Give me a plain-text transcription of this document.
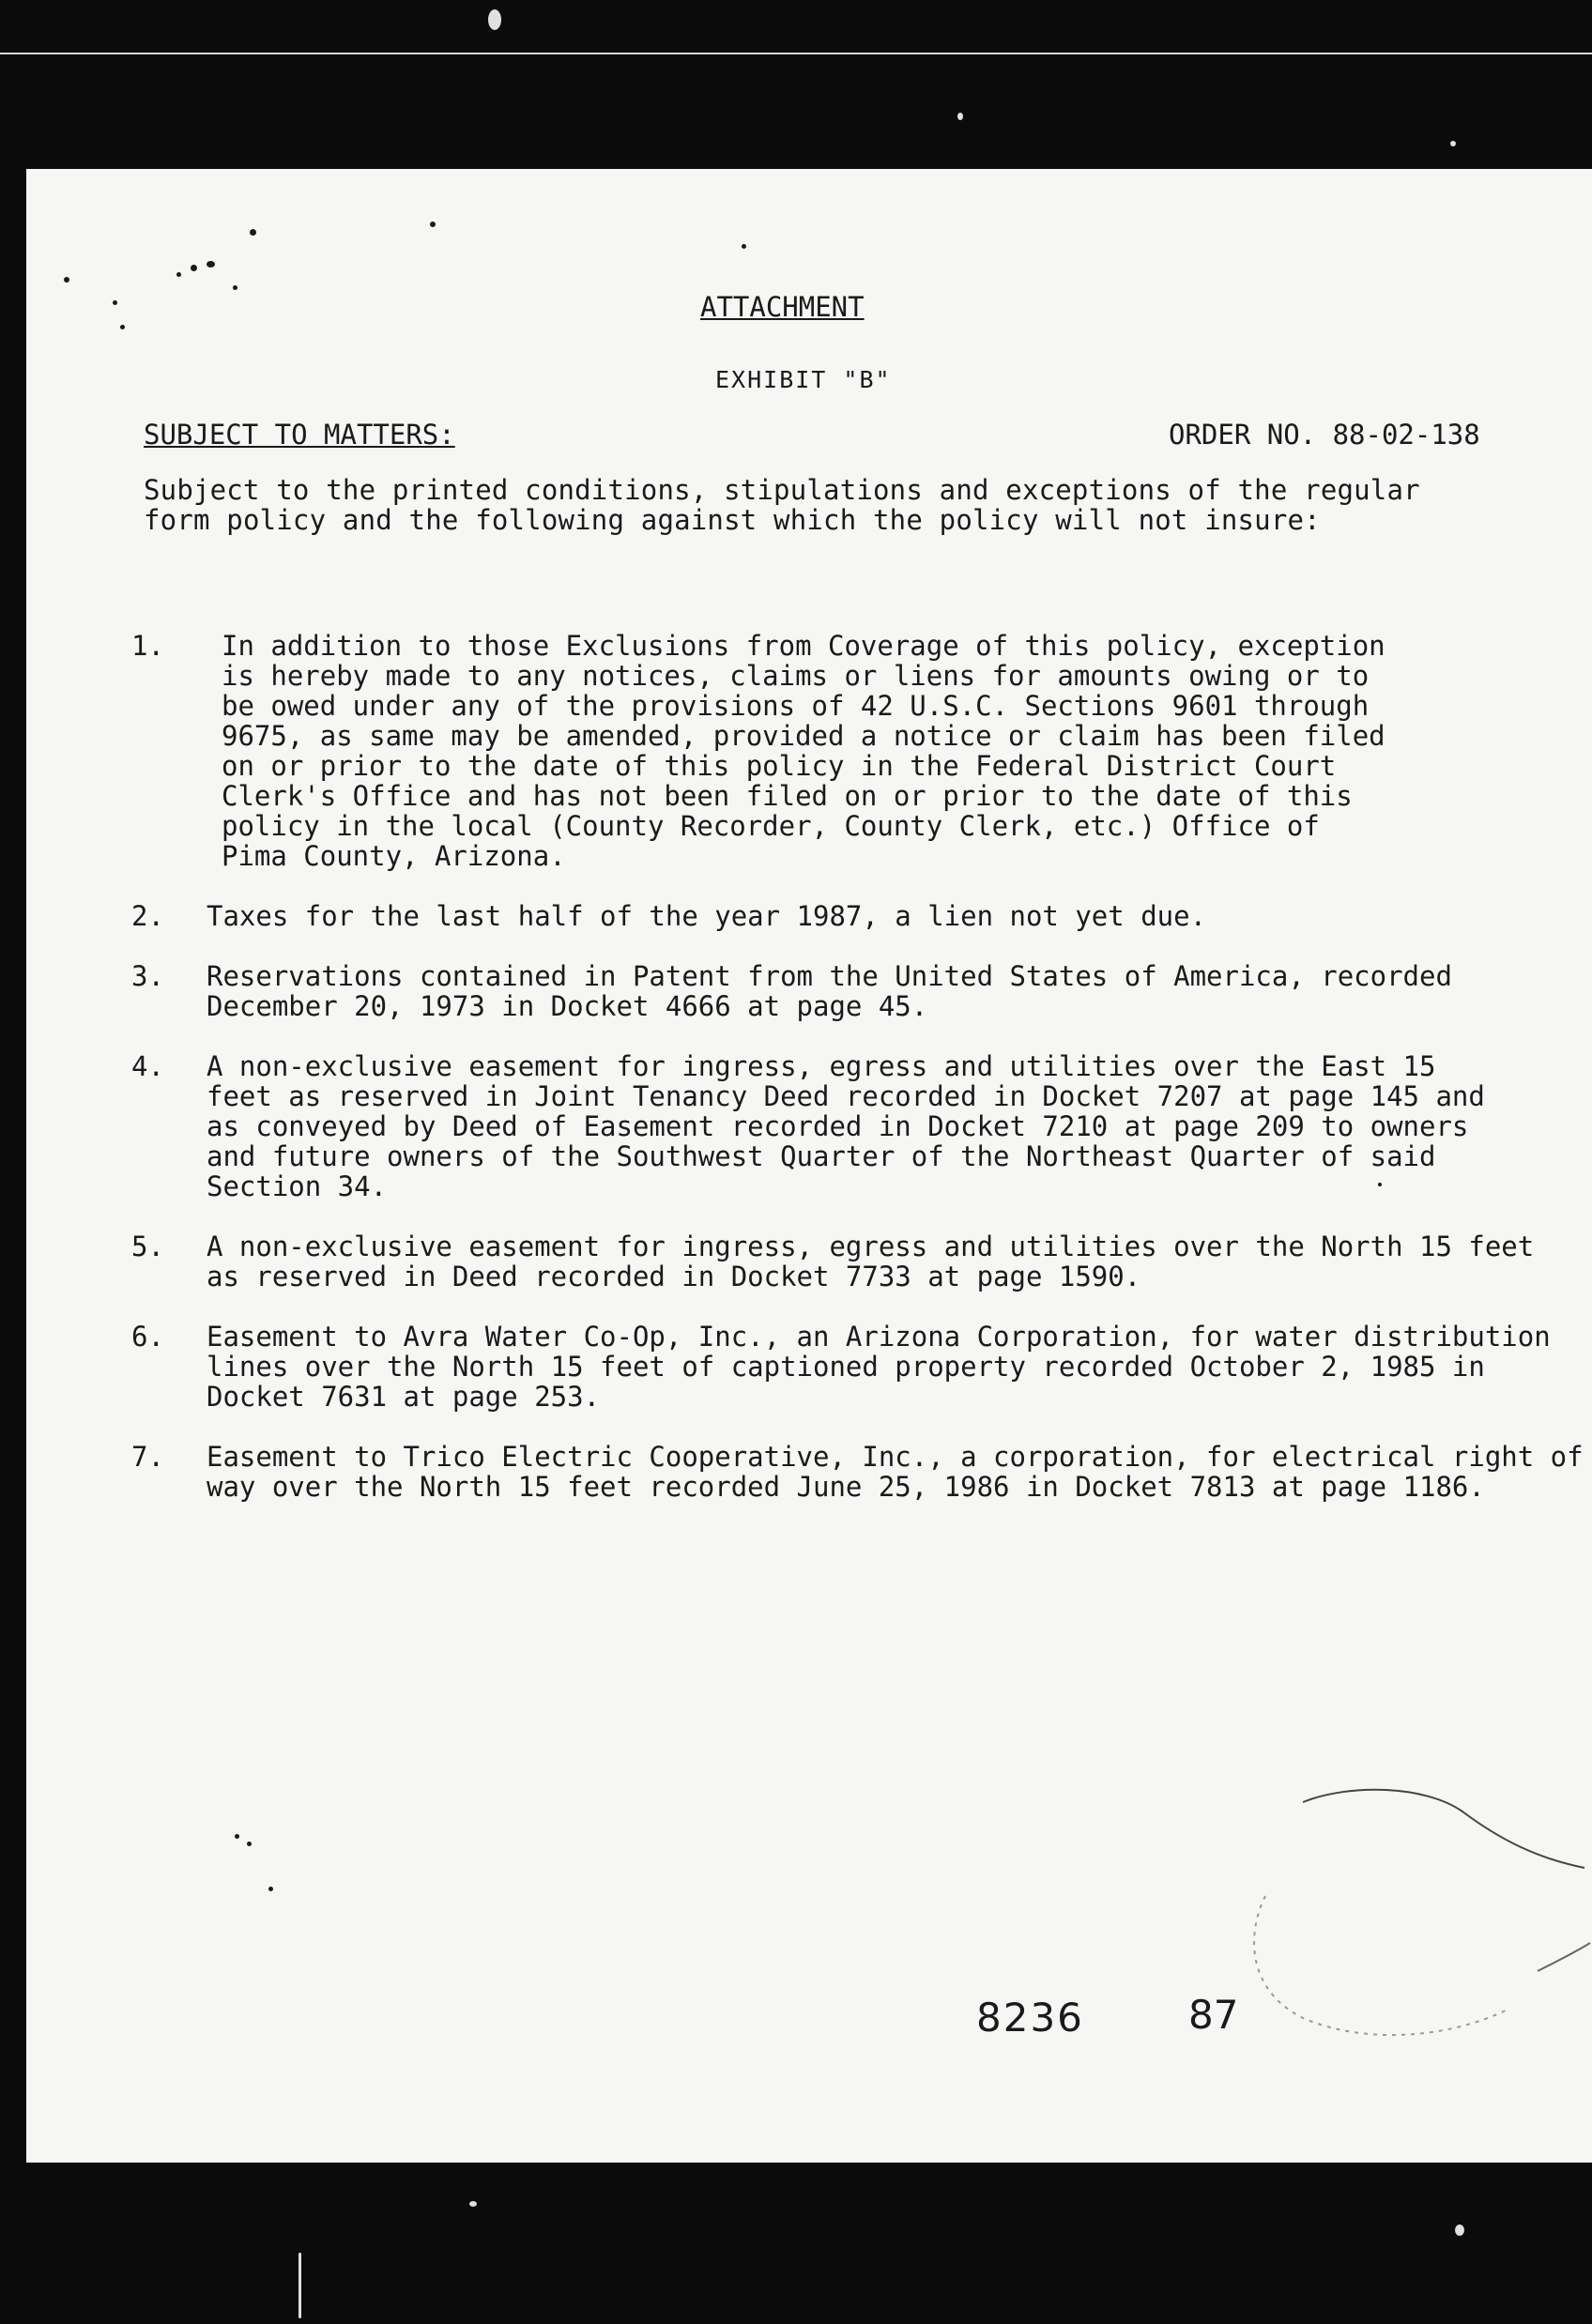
ATTACHMENT
EXHIBIT "B"
SUBJECT TO MATTERS:	ORDER NO. 88-02-138
Subject to the printed conditions, stipulations and exceptions of the regular
form policy and the following against which the policy will not insure:
1.	In addition to those Exclusions from Coverage of this policy, exception
is hereby made to any notices, claims or liens for amounts owing or to
be owed under any of the provisions of 42 U.S.C. Sections 9601 through
9675, as same may be amended, provided a notice or claim has been filed
on or prior to the date of this policy in the Federal District Court
Clerk's Office and has not been filed on or prior to the date of this
policy in the local (County Recorder, County Clerk, etc.) Office of
Pima County, Arizona.
2.	Taxes for the last half of the year 1987, a lien not yet due.
3.	Reservations contained in Patent from the United States of America, recorded
December 20, 1973 in Docket 4666 at page 45.
4.	A non-exclusive easement for ingress, egress and utilities over the East 15
feet as reserved in Joint Tenancy Deed recorded in Docket 7207 at page 145 and
as conveyed by Deed of Easement recorded in Docket 7210 at page 209 to owners
and future owners of the Southwest Quarter of the Northeast Quarter of said
Section 34.
5.	A non-exclusive easement for ingress, egress and utilities over the North 15 feet
as reserved in Deed recorded in Docket 7733 at page 1590.
6.	Easement to Avra Water Co-Op, Inc., an Arizona Corporation, for water distribution
lines over the North 15 feet of captioned property recorded October 2, 1985 in
Docket 7631 at page 253.
7.	Easement to Trico Electric Cooperative, Inc., a corporation, for electrical right of
way over the North 15 feet recorded June 25, 1986 in Docket 7813 at page 1186.
8236	87
